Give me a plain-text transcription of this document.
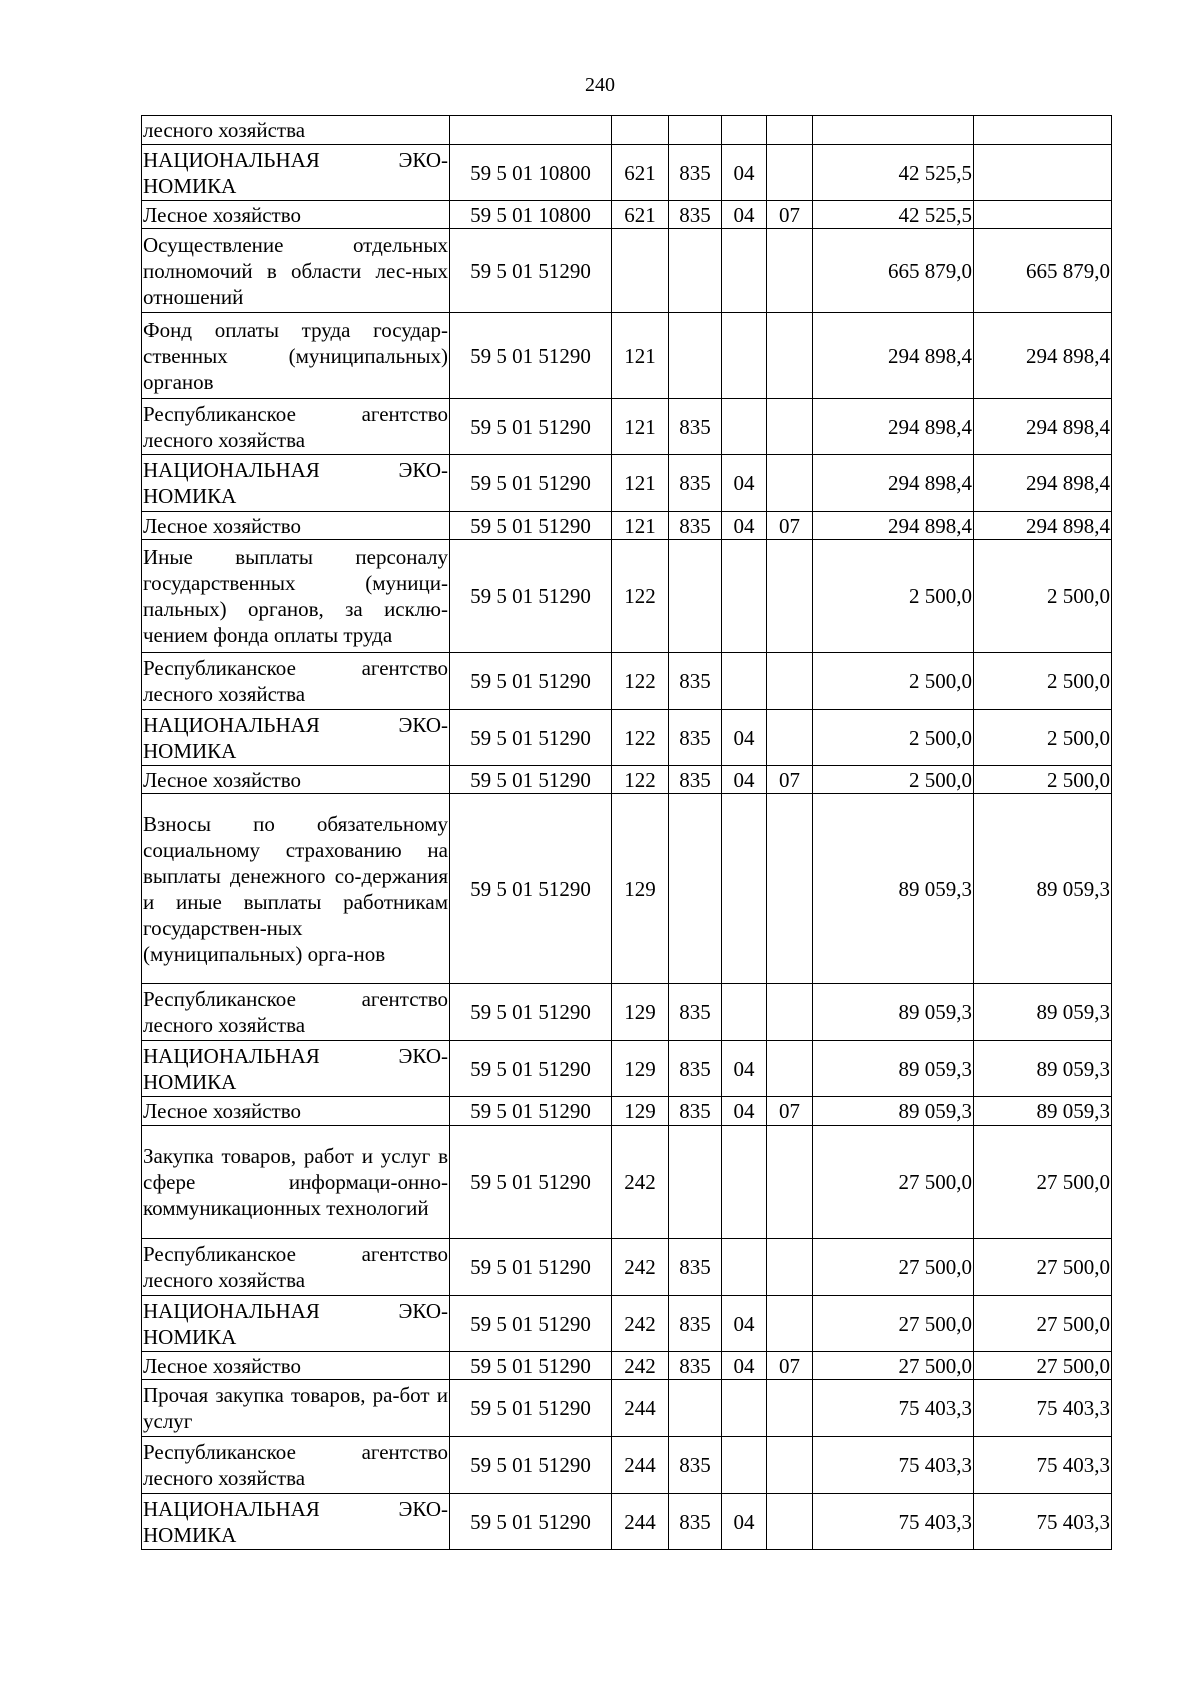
240
лесного хозяйства							
НАЦИОНАЛЬНАЯ ЭКО-НОМИКА	59 5 01 10800	621	835	04		42 525,5	
Лесное хозяйство	59 5 01 10800	621	835	04	07	42 525,5	
Осуществление отдельных полномочий в области лес-ных отношений	59 5 01 51290					665 879,0	665 879,0
Фонд оплаты труда государ-ственных (муниципальных) органов	59 5 01 51290	121				294 898,4	294 898,4
Республиканское агентство лесного хозяйства	59 5 01 51290	121	835			294 898,4	294 898,4
НАЦИОНАЛЬНАЯ ЭКО-НОМИКА	59 5 01 51290	121	835	04		294 898,4	294 898,4
Лесное хозяйство	59 5 01 51290	121	835	04	07	294 898,4	294 898,4
Иные выплаты персоналу государственных (муници-пальных) органов, за исклю-чением фонда оплаты труда	59 5 01 51290	122				2 500,0	2 500,0
Республиканское агентство лесного хозяйства	59 5 01 51290	122	835			2 500,0	2 500,0
НАЦИОНАЛЬНАЯ ЭКО-НОМИКА	59 5 01 51290	122	835	04		2 500,0	2 500,0
Лесное хозяйство	59 5 01 51290	122	835	04	07	2 500,0	2 500,0
Взносы по обязательному социальному страхованию на выплаты денежного со-держания и иные выплаты работникам государствен-ных (муниципальных) орга-нов	59 5 01 51290	129				89 059,3	89 059,3
Республиканское агентство лесного хозяйства	59 5 01 51290	129	835			89 059,3	89 059,3
НАЦИОНАЛЬНАЯ ЭКО-НОМИКА	59 5 01 51290	129	835	04		89 059,3	89 059,3
Лесное хозяйство	59 5 01 51290	129	835	04	07	89 059,3	89 059,3
Закупка товаров, работ и услуг в сфере информаци-онно-коммуникационных технологий	59 5 01 51290	242				27 500,0	27 500,0
Республиканское агентство лесного хозяйства	59 5 01 51290	242	835			27 500,0	27 500,0
НАЦИОНАЛЬНАЯ ЭКО-НОМИКА	59 5 01 51290	242	835	04		27 500,0	27 500,0
Лесное хозяйство	59 5 01 51290	242	835	04	07	27 500,0	27 500,0
Прочая закупка товаров, ра-бот и услуг	59 5 01 51290	244				75 403,3	75 403,3
Республиканское агентство лесного хозяйства	59 5 01 51290	244	835			75 403,3	75 403,3
НАЦИОНАЛЬНАЯ ЭКО-НОМИКА	59 5 01 51290	244	835	04		75 403,3	75 403,3
